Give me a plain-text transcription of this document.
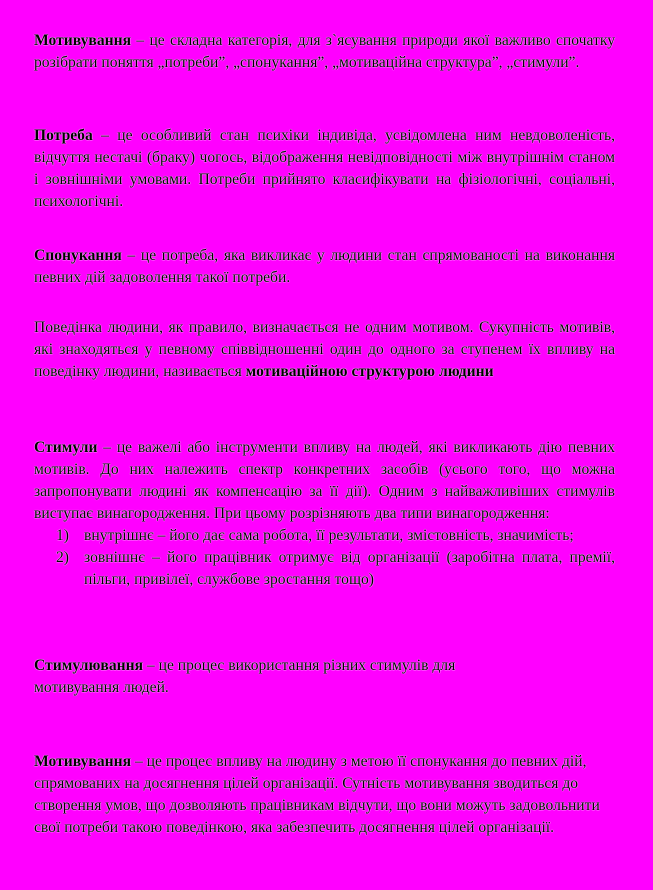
Мотивування – це складна категорія, для з`ясування природи якої важливо спочатку розібрати поняття „потреби”, „спонукання”, „мотиваційна структура”, „стимули”.
Потреба – це особливий стан психіки індивіда, усвідомлена ним невдоволеність, відчуття нестачі (браку) чогось, відображення невідповідності між внутрішнім станом і зовнішніми умовами. Потреби прийнято класифікувати на фізіологічні, соціальні, психологічні.
Спонукання – це потреба, яка викликає у людини стан спрямованості на виконання певних дій задоволення такої потреби.
Поведінка людини, як правило, визначається не одним мотивом. Сукупність мотивів, які знаходяться у певному співвідношенні один до одного за ступенем їх впливу на поведінку людини, називається мотиваційною структурою людини
Стимули – це важелі або інструменти впливу на людей, які викликають дію певних мотивів. До них належить спектр конкретних засобів (усього того, що можна запропонувати людині як компенсацію за її дії). Одним з найважливіших стимулів виступає винагородження. При цьому розрізняють два типи винагородження:
1) внутрішнє – його дає сама робота, її результати, змістовність, значимість;
2) зовнішнє – його працівник отримує від організації (заробітна плата, премії, пільги, привілеї, службове зростання тощо)
Стимулювання – це процес використання різних стимулів для мотивування людей.
Мотивування – це процес впливу на людину з метою її спонукання до певних дій, спрямованих на досягнення цілей організації. Сутність мотивування зводиться до створення умов, що дозволяють працівникам відчути, що вони можуть задовольнити свої потреби такою поведінкою, яка забезпечить досягнення цілей організації.
